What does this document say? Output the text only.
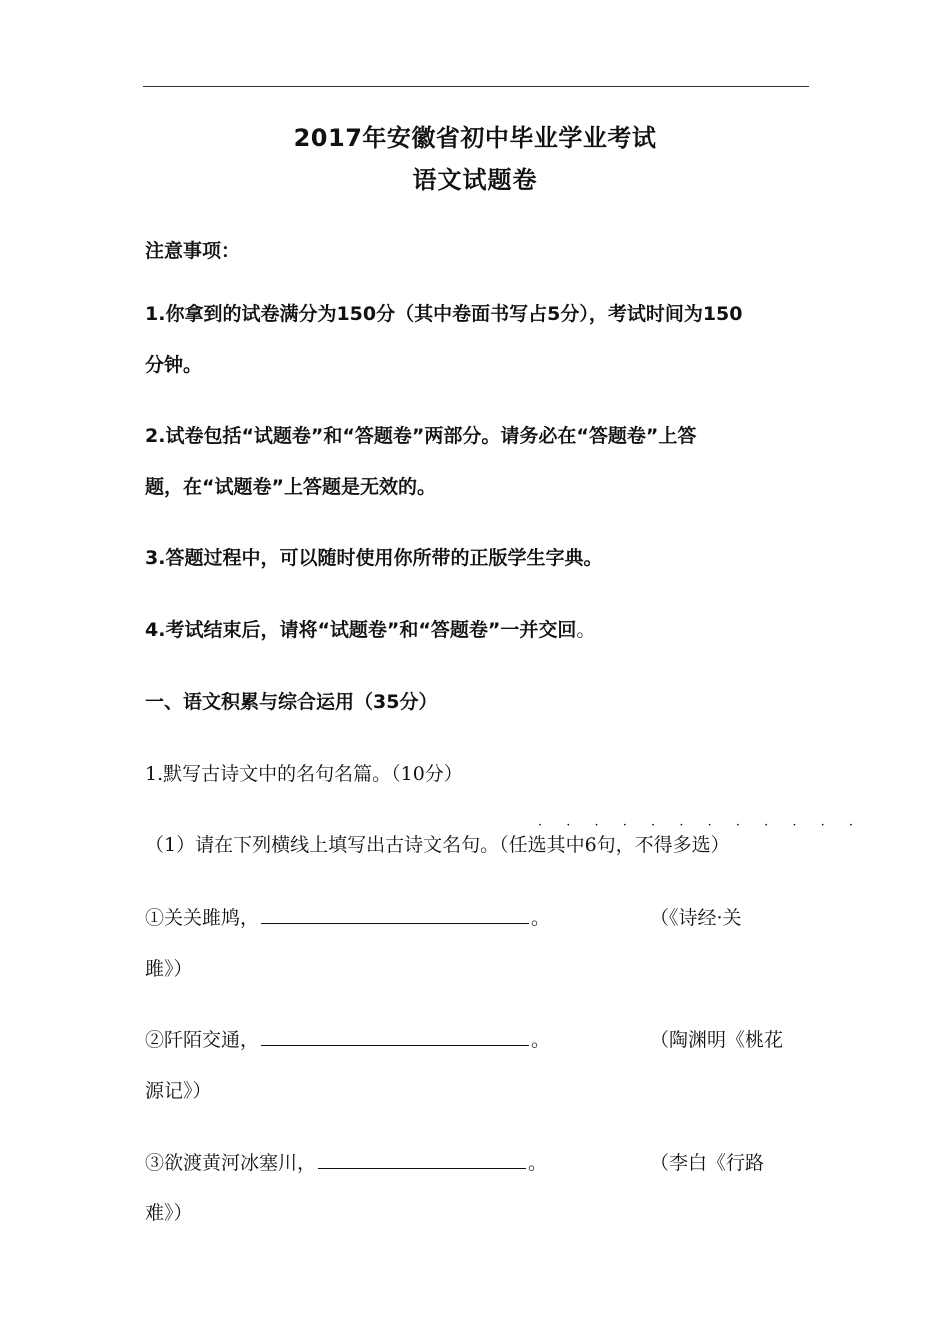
2017年安徽省初中毕业学业考试
语文试题卷
注意事项：
1.你拿到的试卷满分为150分（其中卷面书写占5分），考试时间为150
分钟。
2.试卷包括“试题卷”和“答题卷”两部分。请务必在“答题卷”上答
题，在“试题卷”上答题是无效的。
3.答题过程中，可以随时使用你所带的正版学生字典。
4.考试结束后，请将“试题卷”和“答题卷”一并交回。
一、语文积累与综合运用（35分）
1.默写古诗文中的名句名篇。（10分）
· · · · · · · · · · · ·
（1）请在下列横线上填写出古诗文名句。（任选其中6句，不得多选）
①关关雎鸠，	。	（《诗经·关
雎》）
②阡陌交通，	。	（陶渊明《桃花
源记》）
③欲渡黄河冰塞川，	。	（李白《行路
难》）
